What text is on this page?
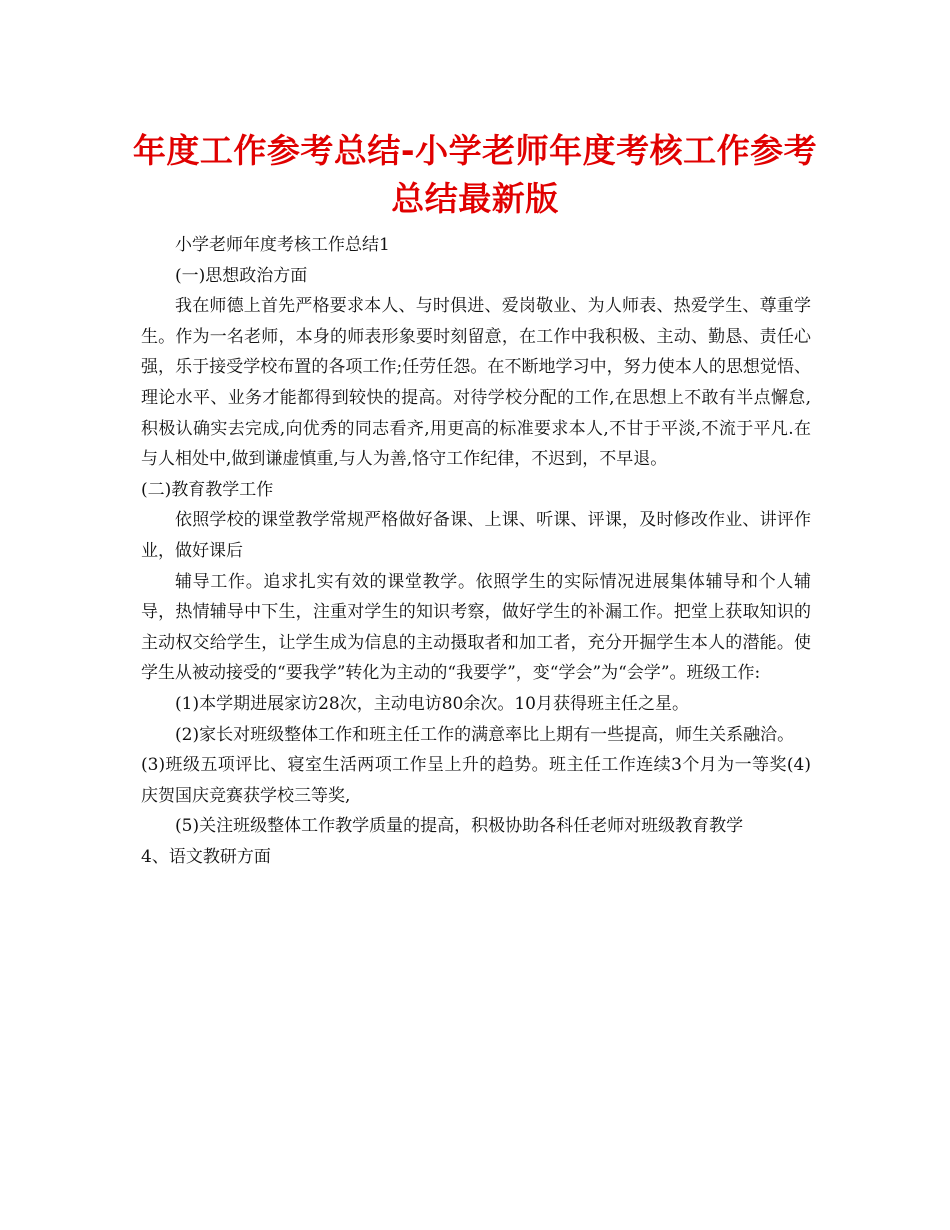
年度工作参考总结-小学老师年度考核工作参考总结最新版

小学老师年度考核工作总结1

(一)思想政治方面

我在师德上首先严格要求本人、与时俱进、爱岗敬业、为人师表、热爱学生、尊重学生。作为一名老师，本身的师表形象要时刻留意，在工作中我积极、主动、勤恳、责任心强，乐于接受学校布置的各项工作;任劳任怨。在不断地学习中，努力使本人的思想觉悟、理论水平、业务才能都得到较快的提高。对待学校分配的工作,在思想上不敢有半点懈怠,积极认确实去完成,向优秀的同志看齐,用更高的标准要求本人,不甘于平淡,不流于平凡.在与人相处中,做到谦虚慎重,与人为善,恪守工作纪律，不迟到，不早退。

(二)教育教学工作

依照学校的课堂教学常规严格做好备课、上课、听课、评课，及时修改作业、讲评作业，做好课后

辅导工作。追求扎实有效的课堂教学。依照学生的实际情况进展集体辅导和个人辅导，热情辅导中下生，注重对学生的知识考察，做好学生的补漏工作。把堂上获取知识的主动权交给学生，让学生成为信息的主动摄取者和加工者，充分开掘学生本人的潜能。使学生从被动接受的“要我学”转化为主动的“我要学”，变“学会”为“会学”。班级工作:

(1)本学期进展家访28次，主动电访80余次。10月获得班主任之星。

(2)家长对班级整体工作和班主任工作的满意率比上期有一些提高，师生关系融洽。

(3)班级五项评比、寝室生活两项工作呈上升的趋势。班主任工作连续3个月为一等奖(4)庆贺国庆竞赛获学校三等奖,

(5)关注班级整体工作教学质量的提高，积极协助各科任老师对班级教育教学

4、语文教研方面
